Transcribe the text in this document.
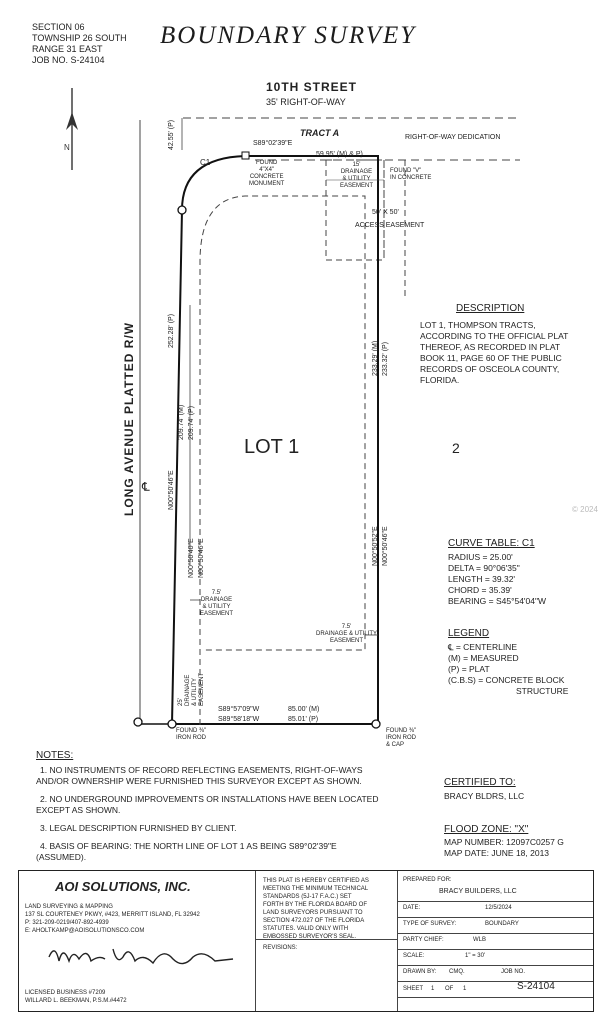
SECTION 06
TOWNSHIP 26 SOUTH
RANGE 31 EAST
JOB NO. S-24104
BOUNDARY SURVEY
10TH STREET
35' RIGHT-OF-WAY
N
TRACT A	RIGHT-OF-WAY DEDICATION
C1
S89°02'39"E
59.95' (M) & P)
42.55' (P)
FOUND
4"X4"
CONCRETE
MONUMENT
15'
DRAINAGE
& UTILITY
EASEMENT
FOUND "V"
IN CONCRETE
50' X 50'
ACCESS EASEMENT
LONG AVENUE PLATTED R/W ℄
252.28' (P)
209.74' (M) 209.74' (P)
N00°50'46"E
N00°50'40"E N00°50'46"E
233.29' (M) 233.32' (P)
N00°50'52"E N00°50'46"E
LOT 1	2
7.5'
DRAINAGE
& UTILITY
EASEMENT
7.5'
DRAINAGE & UTILITY
EASEMENT
25' DRAINAGE & UTILITY EASEMENT
S89°57'09"W
S89°58'18"W
85.00' (M)
85.01' (P)
FOUND ⅜"
IRON ROD
FOUND ⅜"
IRON ROD
& CAP
© 2024
DESCRIPTION
LOT 1, THOMPSON TRACTS,
ACCORDING TO THE OFFICIAL PLAT
THEREOF, AS RECORDED IN PLAT
BOOK 11, PAGE 60 OF THE PUBLIC
RECORDS OF OSCEOLA COUNTY,
FLORIDA.
CURVE TABLE: C1
RADIUS = 25.00'
DELTA = 90°06'35"
LENGTH = 39.32'
CHORD = 35.39'
BEARING = S45°54'04"W
LEGEND
℄ = CENTERLINE
(M) = MEASURED
(P) = PLAT
(C.B.S) = CONCRETE BLOCK
STRUCTURE
NOTES:
1. NO INSTRUMENTS OF RECORD REFLECTING EASEMENTS, RIGHT-OF-WAYS
AND/OR OWNERSHIP WERE FURNISHED THIS SURVEYOR EXCEPT AS SHOWN.
2. NO UNDERGROUND IMPROVEMENTS OR INSTALLATIONS HAVE BEEN LOCATED
EXCEPT AS SHOWN.
3. LEGAL DESCRIPTION FURNISHED BY CLIENT.
4. BASIS OF BEARING: THE NORTH LINE OF LOT 1 AS BEING S89°02'39"E
(ASSUMED).
CERTIFIED TO:
BRACY BLDRS, LLC
FLOOD ZONE: "X"
MAP NUMBER: 12097C0257 G
MAP DATE: JUNE 18, 2013
AOI SOLUTIONS, INC.
LAND SURVEYING & MAPPING
137 SL COURTENEY PKWY, #423, MERRITT ISLAND, FL 32942
P: 321-209-0219/407-892-4939
E: AHOLTKAMP@AOISOLUTIONSCO.COM
LICENSED BUSINESS #7209
WILLARD L. BEEKMAN, P.S.M.#4472
THIS PLAT IS HEREBY CERTIFIED AS
MEETING THE MINIMUM TECHNICAL
STANDARDS (5J-17 F.A.C.) SET
FORTH BY THE FLORIDA BOARD OF
LAND SURVEYORS PURSUANT TO
SECTION 472.027 OF THE FLORIDA
STATUTES. VALID ONLY WITH
EMBOSSED SURVEYOR'S SEAL.
REVISIONS:
PREPARED FOR:
BRACY BUILDERS, LLC
DATE:	12/5/2024
TYPE OF SURVEY:	BOUNDARY
PARTY CHIEF:	WLB
SCALE:	1" = 30'
DRAWN BY: CMQ.	JOB NO.
SHEET 1 OF 1	S-24104
